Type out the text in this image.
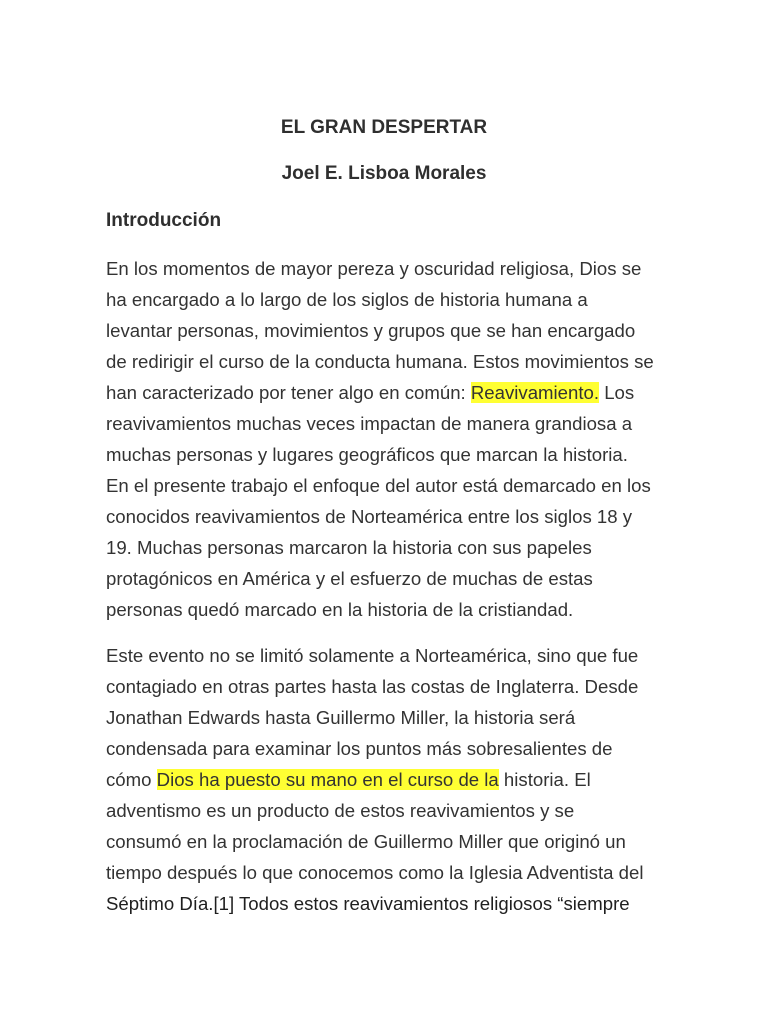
EL GRAN DESPERTAR
Joel E. Lisboa Morales
Introducción
En los momentos de mayor pereza y oscuridad religiosa, Dios se
ha encargado a lo largo de los siglos de historia humana a
levantar personas, movimientos y grupos que se han encargado
de redirigir el curso de la conducta humana. Estos movimientos se
han caracterizado por tener algo en común: Reavivamiento. Los
reavivamientos muchas veces impactan de manera grandiosa a
muchas personas y lugares geográficos que marcan la historia.
En el presente trabajo el enfoque del autor está demarcado en los
conocidos reavivamientos de Norteamérica entre los siglos 18 y
19. Muchas personas marcaron la historia con sus papeles
protagónicos en América y el esfuerzo de muchas de estas
personas quedó marcado en la historia de la cristiandad.
Este evento no se limitó solamente a Norteamérica, sino que fue
contagiado en otras partes hasta las costas de Inglaterra. Desde
Jonathan Edwards hasta Guillermo Miller, la historia será
condensada para examinar los puntos más sobresalientes de
cómo Dios ha puesto su mano en el curso de la historia. El
adventismo es un producto de estos reavivamientos y se
consumó en la proclamación de Guillermo Miller que originó un
tiempo después lo que conocemos como la Iglesia Adventista del
Séptimo Día.[1] Todos estos reavivamientos religiosos “siempre
